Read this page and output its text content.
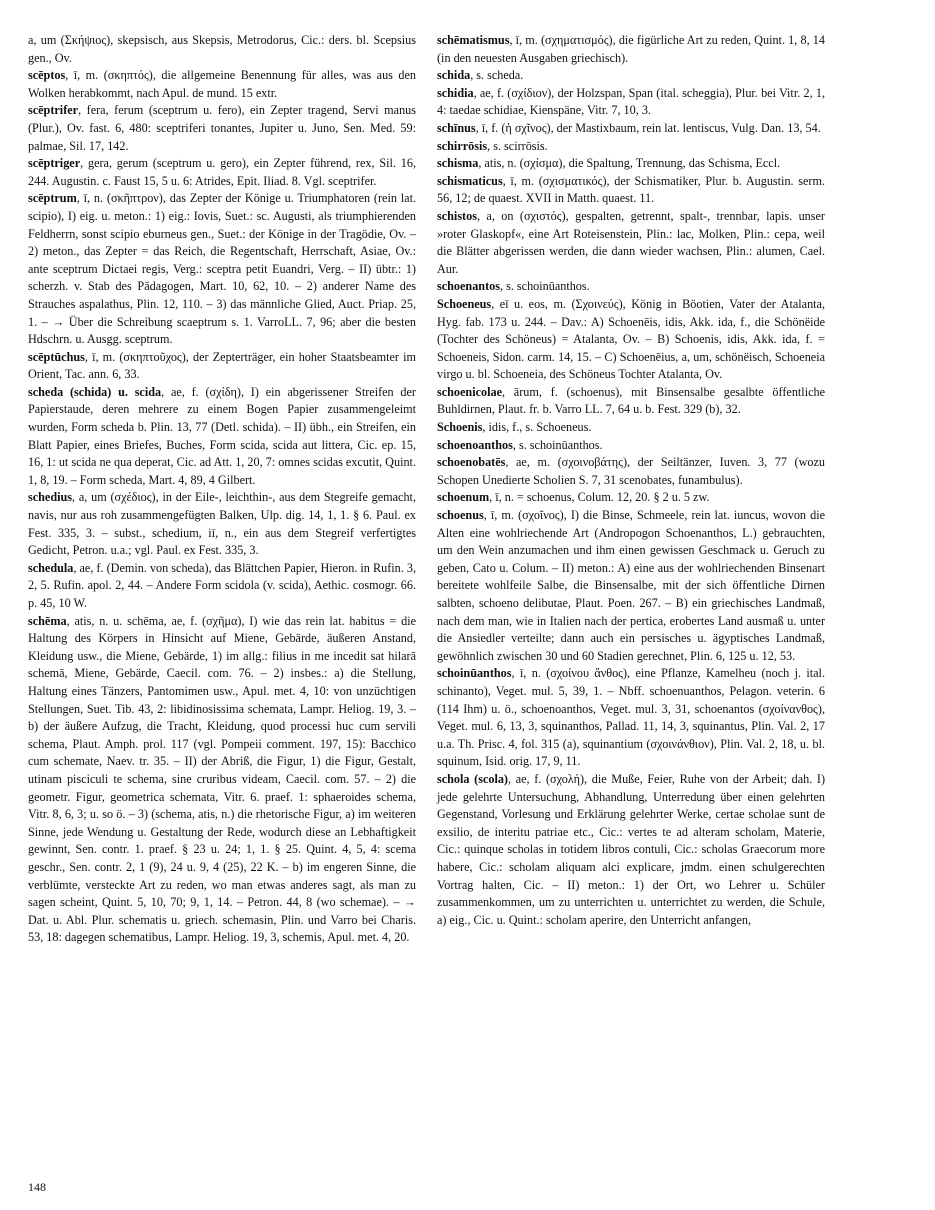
a, um (Σκήψιος), skepsisch, aus Skepsis, Metrodorus, Cic.: ders. bl. Scepsius gen., Ov.

scēptos, ī, m. (σκηπτός), die allgemeine Benennung für alles, was aus den Wolken herabkommt, nach Apul. de mund. 15 extr.

scēptrifer, fera, ferum (sceptrum u. fero), ein Zepter tragend, Servi manus (Plur.), Ov. fast. 6, 480: sceptriferi tonantes, Jupiter u. Juno, Sen. Med. 59: palmae, Sil. 17, 142.

scēptriger, gera, gerum (sceptrum u. gero), ein Zepter führend, rex, Sil. 16, 244. Augustin. c. Faust 15, 5 u. 6: Atrides, Epit. Iliad. 8. Vgl. sceptrifer.

scēptrum, ī, n. (σκῆπτρον), das Zepter der Könige u. Triumphatoren (rein lat. scipio), I) eig. u. meton.: 1) eig.: Iovis, Suet.: sc. Augusti, als triumphierenden Feldherrn, sonst scipio eburneus gen., Suet.: der Könige in der Tragödie, Ov. – 2) meton., das Zepter = das Reich, die Regentschaft, Herrschaft, Asiae, Ov.: ante sceptrum Dictaei regis, Verg.: sceptra petit Euandri, Verg. – II) übtr.: 1) scherzh. v. Stab des Pädagogen, Mart. 10, 62, 10. – 2) anderer Name des Strauches aspalathus, Plin. 12, 110. – 3) das männliche Glied, Auct. Priap. 25, 1. – → Über die Schreibung scaeptrum s. 1. VarroLL. 7, 96; aber die besten Hdschrn. u. Ausgg. sceptrum.

scēptūchus, ī, m. (σκηπτοῦχος), der Zepterträger, ein hoher Staatsbeamter im Orient, Tac. ann. 6, 33.

scheda (schida) u. scida, ae, f. (σχίδη), I) ein abgerissener Streifen der Papierstaude, deren mehrere zu einem Bogen Papier zusammengeleimt wurden, Form scheda b. Plin. 13, 77 (Detl. schida). – II) übh., ein Streifen, ein Blatt Papier, eines Briefes, Buches, Form scida, scida aut littera, Cic. ep. 15, 16, 1: ut scida ne qua deperat, Cic. ad Att. 1, 20, 7: omnes scidas excutit, Quint. 1, 8, 19. – Form scheda, Mart. 4, 89, 4 Gilbert.

schedius, a, um (σχέδιος), in der Eile-, leichthin-, aus dem Stegreife gemacht, navis, nur aus roh zusammengefügten Balken, Ulp. dig. 14, 1, 1. § 6. Paul. ex Fest. 335, 3. – subst., schedium, iī, n., ein aus dem Stegreif verfertigtes Gedicht, Petron. u.a.; vgl. Paul. ex Fest. 335, 3.

schedula, ae, f. (Demin. von scheda), das Blättchen Papier, Hieron. in Rufin. 3, 2, 5. Rufin. apol. 2, 44. – Andere Form scidola (v. scida), Aethic. cosmogr. 66. p. 45, 10 W.

schēma, atis, n. u. schēma, ae, f. (σχῆμα), I) wie das rein lat. habitus = die Haltung des Körpers in Hinsicht auf Miene, Gebärde, äußeren Anstand, Kleidung usw., die Miene, Gebärde, 1) im allg.: filius in me incedit sat hilarā schemā, Miene, Gebärde, Caecil. com. 76. – 2) insbes.: a) die Stellung, Haltung eines Tänzers, Pantomimen usw., Apul. met. 4, 10: von unzüchtigen Stellungen, Suet. Tib. 43, 2: libidinosissima schemata, Lampr. Heliog. 19, 3. – b) der äußere Aufzug, die Tracht, Kleidung, quod processi huc cum servili schema, Plaut. Amph. prol. 117 (vgl. Pompeii comment. 197, 15): Bacchico cum schemate, Naev. tr. 35. – II) der Abriß, die Figur, 1) die Figur, Gestalt, utinam pisciculi te schema, sine cruribus videam, Caecil. com. 57. – 2) die geometr. Figur, geometrica schemata, Vitr. 6. praef. 1: sphaeroides schema, Vitr. 8, 6, 3; u. so ö. – 3) (schema, atis, n.) die rhetorische Figur, a) im weiteren Sinne, jede Wendung u. Gestaltung der Rede, wodurch diese an Lebhaftigkeit gewinnt, Sen. contr. 1. praef. § 23 u. 24; 1, 1. § 25. Quint. 4, 5, 4: scema geschr., Sen. contr. 2, 1 (9), 24 u. 9, 4 (25), 22 K. – b) im engeren Sinne, die verblümte, versteckte Art zu reden, wo man etwas anderes sagt, als man zu sagen scheint, Quint. 5, 10, 70; 9, 1, 14. – Petron. 44, 8 (wo schemae). – → Dat. u. Abl. Plur. schematis u. griech. schemasin, Plin. und Varro bei Charis. 53, 18: dagegen schematibus, Lampr. Heliog. 19, 3, schemis, Apul. met. 4, 20.

schēmatismus, ī, m. (σχηματισμός), die figürliche Art zu reden, Quint. 1, 8, 14 (in den neuesten Ausgaben griechisch).

schida, s. scheda.

schidia, ae, f. (σχίδιον), der Holzspan, Span (ital. scheggia), Plur. bei Vitr. 2, 1, 4: taedae schidiae, Kienspäne, Vitr. 7, 10, 3.

schīnus, ī, f. (ἡ σχῖνος), der Mastixbaum, rein lat. lentiscus, Vulg. Dan. 13, 54.

schirrōsis, s. scirrōsis.

schisma, atis, n. (σχίσμα), die Spaltung, Trennung, das Schisma, Eccl.

schismaticus, ī, m. (σχισματικός), der Schismatiker, Plur. b. Augustin. serm. 56, 12; de quaest. XVII in Matth. quaest. 11.

schistos, a, on (σχιστός), gespalten, getrennt, spalt-, trennbar, lapis. unser »roter Glaskopf«, eine Art Roteisenstein, Plin.: lac, Molken, Plin.: cepa, weil die Blätter abgerissen werden, die dann wieder wachsen, Plin.: alumen, Cael. Aur.

schoenantos, s. schoinūanthos.

Schoeneus, eī u. eos, m. (Σχοινεύς), König in Böotien, Vater der Atalanta, Hyg. fab. 173 u. 244. – Dav.: A) Schoenēis, idis, Akk. ida, f., die Schönëide (Tochter des Schöneus) = Atalanta, Ov. – B) Schoenis, idis, Akk. ida, f. = Schoeneis, Sidon. carm. 14, 15. – C) Schoenēius, a, um, schönëisch, Schoeneia virgo u. bl. Schoeneia, des Schöneus Tochter Atalanta, Ov.

schoenicolae, ārum, f. (schoenus), mit Binsensalbe gesalbte öffentliche Buhldirnen, Plaut. fr. b. Varro LL. 7, 64 u. b. Fest. 329 (b), 32.

Schoenis, idis, f., s. Schoeneus.

schoenoanthos, s. schoinūanthos.

schoenobatēs, ae, m. (σχοινοβάτης), der Seiltänzer, Iuven. 3, 77 (wozu Schopen Unedierte Scholien S. 7, 31 scenobates, funambulus).

schoenum, ī, n. = schoenus, Colum. 12, 20. § 2 u. 5 zw.

schoenus, ī, m. (σχοῖνος), I) die Binse, Schmeele, rein lat. iuncus, wovon die Alten eine wohlriechende Art (Andropogon Schoenanthos, L.) gebrauchten, um den Wein anzumachen und ihm einen gewissen Geschmack u. Geruch zu geben, Cato u. Colum. – II) meton.: A) eine aus der wohlriechenden Binsenart bereitete wohlfeile Salbe, die Binsensalbe, mit der sich öffentliche Dirnen salbten, schoeno delibutae, Plaut. Poen. 267. – B) ein griechisches Landmaß, nach dem man, wie in Italien nach der pertica, erobertes Land ausmaß u. unter die Ansiedler verteilte; dann auch ein persisches u. ägyptisches Landmaß, gewöhnlich zwischen 30 und 60 Stadien gerechnet, Plin. 6, 125 u. 12, 53.

schoinūanthos, ī, n. (σχοίνου ἄνθος), eine Pflanze, Kamelheu (noch j. ital. schinanto), Veget. mul. 5, 39, 1. – Nbff. schoenuanthos, Pelagon. veterin. 6 (114 Ihm) u. ö., schoenoanthos, Veget. mul. 3, 31, schoenantos (σχοίνανθος), Veget. mul. 6, 13, 3, squinanthos, Pallad. 11, 14, 3, squinantus, Plin. Val. 2, 17 u.a. Th. Prisc. 4, fol. 315 (a), squinantium (σχοινάνθιον), Plin. Val. 2, 18, u. bl. squinum, Isid. orig. 17, 9, 11.

schola (scola), ae, f. (σχολή), die Muße, Feier, Ruhe von der Arbeit; dah. I) jede gelehrte Untersuchung, Abhandlung, Unterredung über einen gelehrten Gegenstand, Vorlesung und Erklärung gelehrter Werke, certae scholae sunt de exsilio, de interitu patriae etc., Cic.: vertes te ad alteram scholam, Materie, Cic.: quinque scholas in totidem libros contuli, Cic.: scholas Graecorum more habere, Cic.: scholam aliquam alci explicare, jmdm. einen schulgerechten Vortrag halten, Cic. – II) meton.: 1) der Ort, wo Lehrer u. Schüler zusammenkommen, um zu unterrichten u. unterrichtet zu werden, die Schule, a) eig., Cic. u. Quint.: scholam aperire, den Unterricht anfangen,

148
